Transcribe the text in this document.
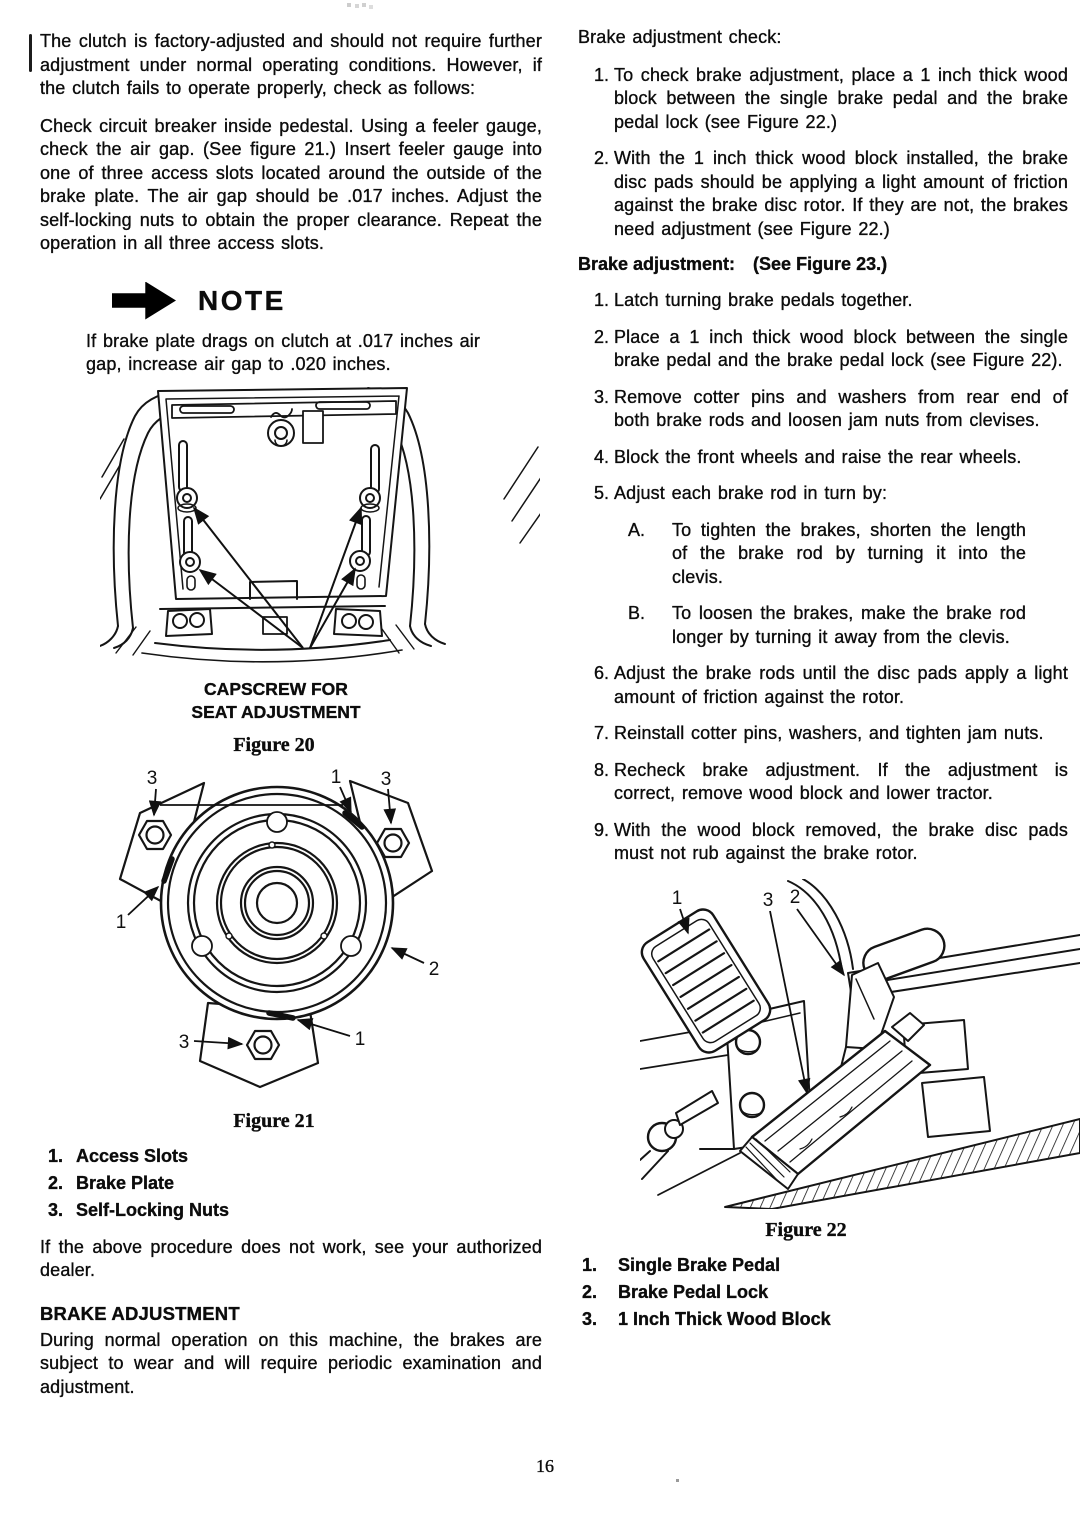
The clutch is factory-adjusted and should not require further adjustment under normal operating conditions. However, if the clutch fails to operate properly, check as follows:

Check circuit breaker inside pedestal. Using a feeler gauge, check the air gap. (See figure 21.) Insert feeler gauge into one of three access slots located around the outside of the brake plate. The air gap should be .017 inches. Adjust the self-locking nuts to obtain the proper clearance. Repeat the operation in all three access slots.

NOTE

If brake plate drags on clutch at .017 inches air gap, increase air gap to .020 inches.

CAPSCREW FOR
SEAT ADJUSTMENT
Figure 20
3	1 3
1
2
3	1
Figure 21
1. Access Slots
2. Brake Plate
3. Self-Locking Nuts

If the above procedure does not work, see your authorized dealer.

BRAKE ADJUSTMENT

During normal operation on this machine, the brakes are subject to wear and will require periodic examination and adjustment.

Brake adjustment check:

1. To check brake adjustment, place a 1 inch thick wood block between the single brake pedal and the brake pedal lock (see Figure 22.)
2. With the 1 inch thick wood block installed, the brake disc pads should be applying a light amount of friction against the brake disc rotor. If they are not, the brakes need adjustment (see Figure 22.)

Brake adjustment: (See Figure 23.)

1. Latch turning brake pedals together.
2. Place a 1 inch thick wood block between the single brake pedal and the brake pedal lock (see Figure 22).
3. Remove cotter pins and washers from rear end of both brake rods and loosen jam nuts from clevises.
4. Block the front wheels and raise the rear wheels.
5. Adjust each brake rod in turn by:
A.	To tighten the brakes, shorten the length of the brake rod by turning it into the clevis.
B.	To loosen the brakes, make the brake rod longer by turning it away from the clevis.
6. Adjust the brake rods until the disc pads apply a light amount of friction against the rotor.
7. Reinstall cotter pins, washers, and tighten jam nuts.
8. Recheck brake adjustment. If the adjustment is correct, remove wood block and lower tractor.
9. With the wood block removed, the brake disc pads must not rub against the brake rotor.
1	3 2
Figure 22
1.	Single Brake Pedal
2.	Brake Pedal Lock
3.	1 Inch Thick Wood Block
16
